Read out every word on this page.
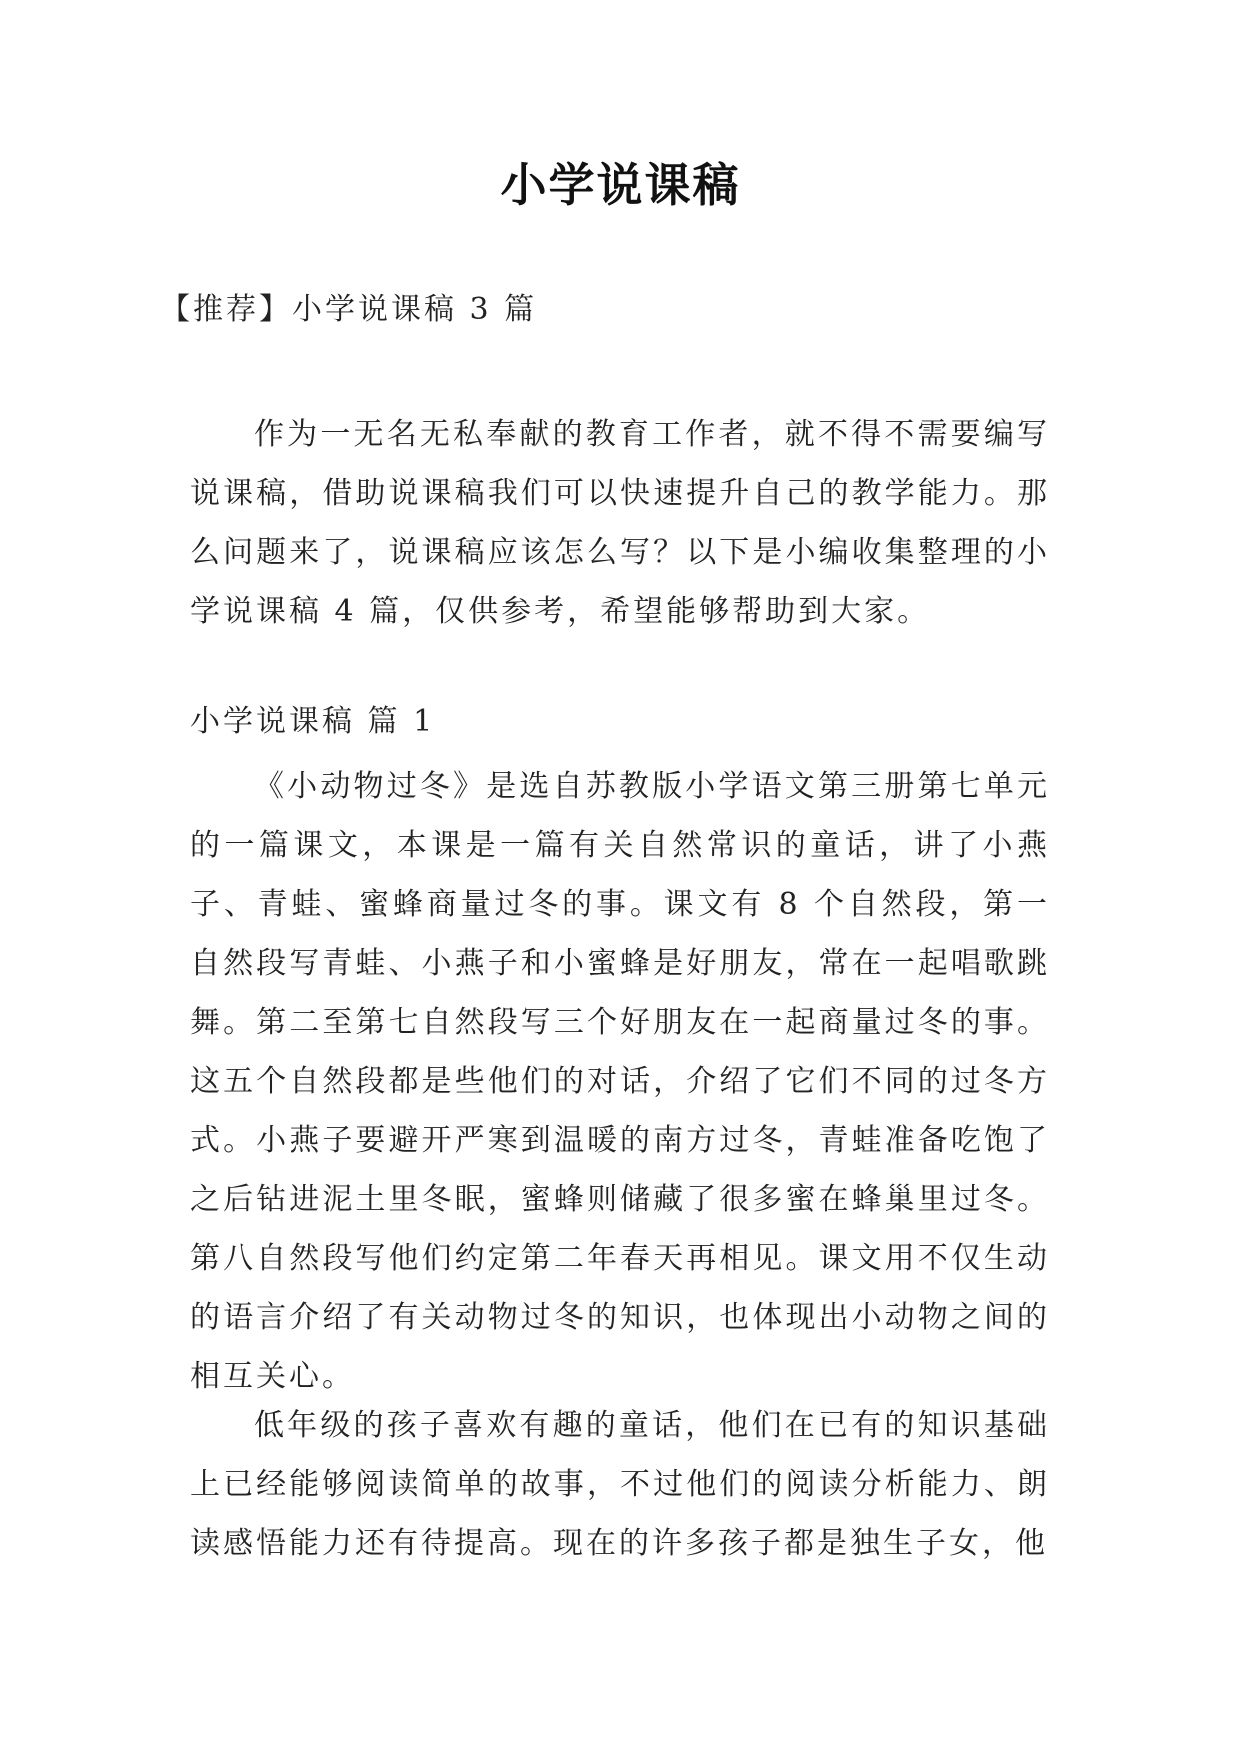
小学说课稿
【推荐】小学说课稿 3 篇

作为一无名无私奉献的教育工作者，就不得不需要编写说课稿，借助说课稿我们可以快速提升自己的教学能力。那么问题来了，说课稿应该怎么写？以下是小编收集整理的小学说课稿 4 篇，仅供参考，希望能够帮助到大家。

小学说课稿 篇 1

《小动物过冬》是选自苏教版小学语文第三册第七单元的一篇课文，本课是一篇有关自然常识的童话，讲了小燕子、青蛙、蜜蜂商量过冬的事。课文有 8 个自然段，第一自然段写青蛙、小燕子和小蜜蜂是好朋友，常在一起唱歌跳舞。第二至第七自然段写三个好朋友在一起商量过冬的事。这五个自然段都是些他们的对话，介绍了它们不同的过冬方式。小燕子要避开严寒到温暖的南方过冬，青蛙准备吃饱了之后钻进泥土里冬眠，蜜蜂则储藏了很多蜜在蜂巢里过冬。第八自然段写他们约定第二年春天再相见。课文用不仅生动的语言介绍了有关动物过冬的知识，也体现出小动物之间的相互关心。

低年级的孩子喜欢有趣的童话，他们在已有的知识基础上已经能够阅读简单的故事，不过他们的阅读分析能力、朗读感悟能力还有待提高。现在的许多孩子都是独生子女，他
